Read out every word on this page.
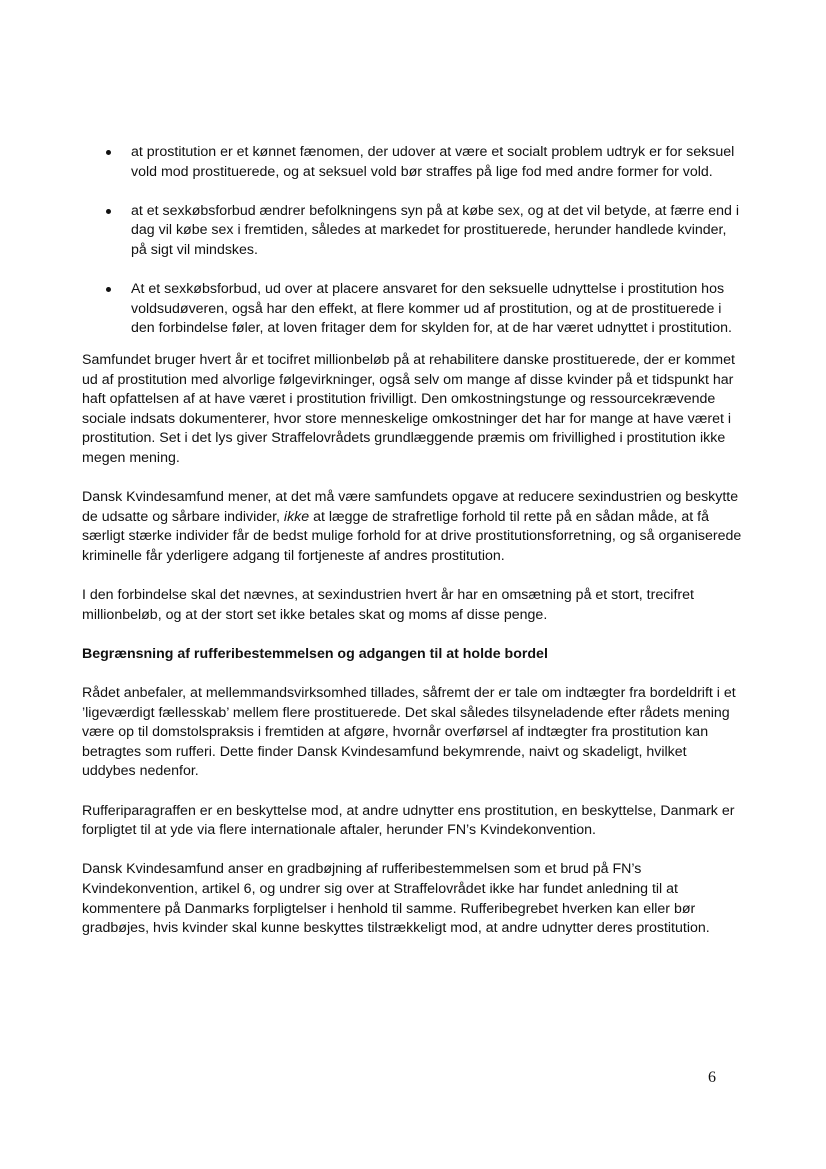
at prostitution er et kønnet fænomen, der udover at være et socialt problem udtryk er for seksuel vold mod prostituerede, og at seksuel vold bør straffes på lige fod med andre former for vold.
at et sexkøbsforbud ændrer befolkningens syn på at købe sex, og at det vil betyde, at færre end i dag vil købe sex i fremtiden, således at markedet for prostituerede, herunder handlede kvinder, på sigt vil mindskes.
At et sexkøbsforbud, ud over at placere ansvaret for den seksuelle udnyttelse i prostitution hos voldsudøveren, også har den effekt, at flere kommer ud af prostitution, og at de prostituerede i den forbindelse føler, at loven fritager dem for skylden for, at de har været udnyttet i prostitution.

Samfundet bruger hvert år et tocifret millionbeløb på at rehabilitere danske prostituerede, der er kommet ud af prostitution med alvorlige følgevirkninger, også selv om mange af disse kvinder på et tidspunkt har haft opfattelsen af at have været i prostitution frivilligt. Den omkostningstunge og ressourcekrævende sociale indsats dokumenterer, hvor store menneskelige omkostninger det har for mange at have været i prostitution. Set i det lys giver Straffelovrådets grundlæggende præmis om frivillighed i prostitution ikke megen mening.

Dansk Kvindesamfund mener, at det må være samfundets opgave at reducere sexindustrien og beskytte de udsatte og sårbare individer, ikke at lægge de strafretlige forhold til rette på en sådan måde, at få særligt stærke individer får de bedst mulige forhold for at drive prostitutionsforretning, og så organiserede kriminelle får yderligere adgang til fortjeneste af andres prostitution.

I den forbindelse skal det nævnes, at sexindustrien hvert år har en omsætning på et stort, trecifret millionbeløb, og at der stort set ikke betales skat og moms af disse penge.

Begrænsning af rufferibestemmelsen og adgangen til at holde bordel

Rådet anbefaler, at mellemmandsvirksomhed tillades, såfremt der er tale om indtægter fra bordeldrift i et ’ligeværdigt fællesskab’ mellem flere prostituerede. Det skal således tilsyneladende efter rådets mening være op til domstolspraksis i fremtiden at afgøre, hvornår overførsel af indtægter fra prostitution kan betragtes som rufferi. Dette finder Dansk Kvindesamfund bekymrende, naivt og skadeligt, hvilket uddybes nedenfor.

Rufferiparagraffen er en beskyttelse mod, at andre udnytter ens prostitution, en beskyttelse, Danmark er forpligtet til at yde via flere internationale aftaler, herunder FN’s Kvindekonvention.

Dansk Kvindesamfund anser en gradbøjning af rufferibestemmelsen som et brud på FN’s Kvindekonvention, artikel 6, og undrer sig over at Straffelovrådet ikke har fundet anledning til at kommentere på Danmarks forpligtelser i henhold til samme. Rufferibegrebet hverken kan eller bør gradbøjes, hvis kvinder skal kunne beskyttes tilstrækkeligt mod, at andre udnytter deres prostitution.

6
